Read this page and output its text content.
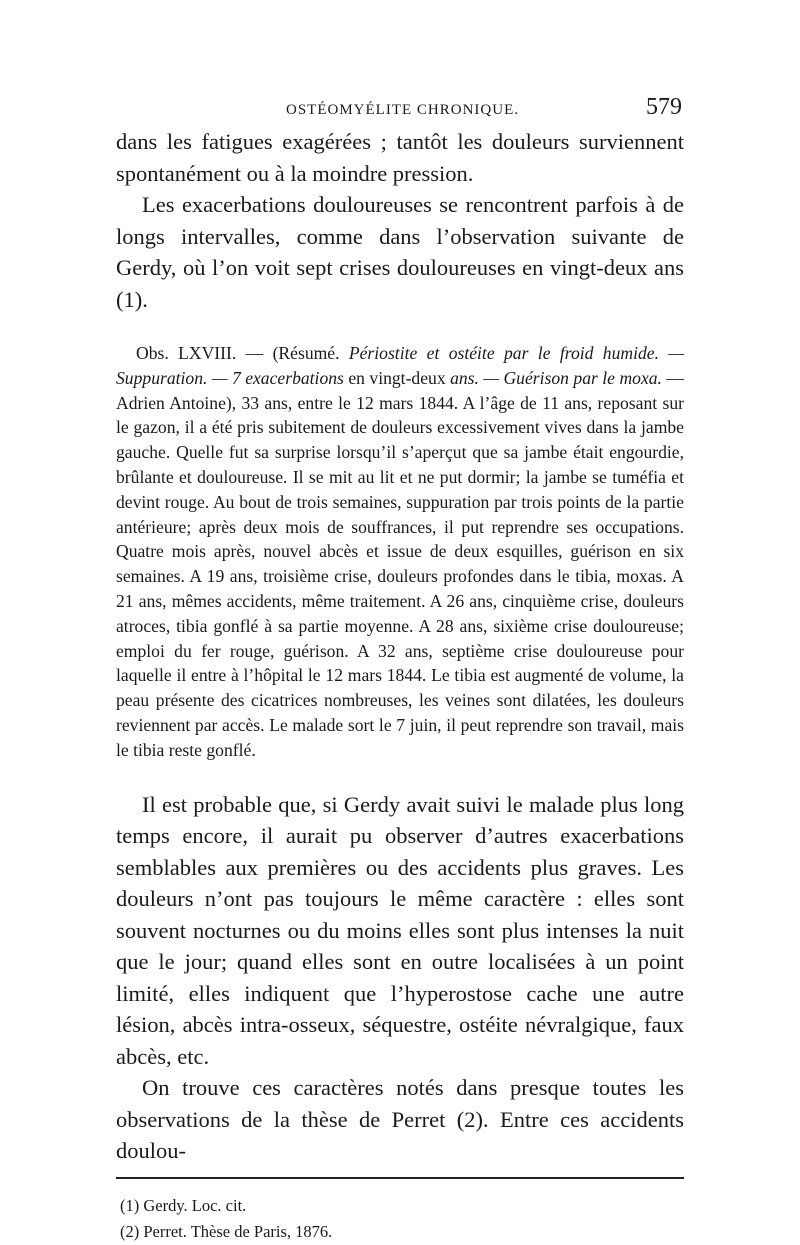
OSTÉOMYÉLITE CHRONIQUE.	579

dans les fatigues exagérées ; tantôt les douleurs surviennent spontanément ou à la moindre pression.

Les exacerbations douloureuses se rencontrent parfois à de longs intervalles, comme dans l’observation suivante de Gerdy, où l’on voit sept crises douloureuses en vingt-deux ans (1).

Obs. LXVIII. — (Résumé. Périostite et ostéite par le froid humide. — Suppuration. — 7 exacerbations en vingt-deux ans. — Guérison par le moxa. — Adrien Antoine), 33 ans, entre le 12 mars 1844. A l’âge de 11 ans, reposant sur le gazon, il a été pris subitement de douleurs excessivement vives dans la jambe gauche. Quelle fut sa surprise lorsqu’il s’aperçut que sa jambe était engourdie, brûlante et douloureuse. Il se mit au lit et ne put dormir; la jambe se tuméfia et devint rouge. Au bout de trois semaines, suppuration par trois points de la partie antérieure; après deux mois de souffrances, il put reprendre ses occupations. Quatre mois après, nouvel abcès et issue de deux esquilles, guérison en six semaines. A 19 ans, troisième crise, douleurs profondes dans le tibia, moxas. A 21 ans, mêmes accidents, même traitement. A 26 ans, cinquième crise, douleurs atroces, tibia gonflé à sa partie moyenne. A 28 ans, sixième crise douloureuse; emploi du fer rouge, guérison. A 32 ans, septième crise douloureuse pour laquelle il entre à l’hôpital le 12 mars 1844. Le tibia est augmenté de volume, la peau présente des cicatrices nombreuses, les veines sont dilatées, les douleurs reviennent par accès. Le malade sort le 7 juin, il peut reprendre son travail, mais le tibia reste gonflé.

Il est probable que, si Gerdy avait suivi le malade plus long temps encore, il aurait pu observer d’autres exacerbations semblables aux premières ou des accidents plus graves. Les douleurs n’ont pas toujours le même caractère : elles sont souvent nocturnes ou du moins elles sont plus intenses la nuit que le jour; quand elles sont en outre localisées à un point limité, elles indiquent que l’hyperostose cache une autre lésion, abcès intra-osseux, séquestre, ostéite névralgique, faux abcès, etc.

On trouve ces caractères notés dans presque toutes les observations de la thèse de Perret (2). Entre ces accidents doulou-

(1) Gerdy. Loc. cit.

(2) Perret. Thèse de Paris, 1876.
